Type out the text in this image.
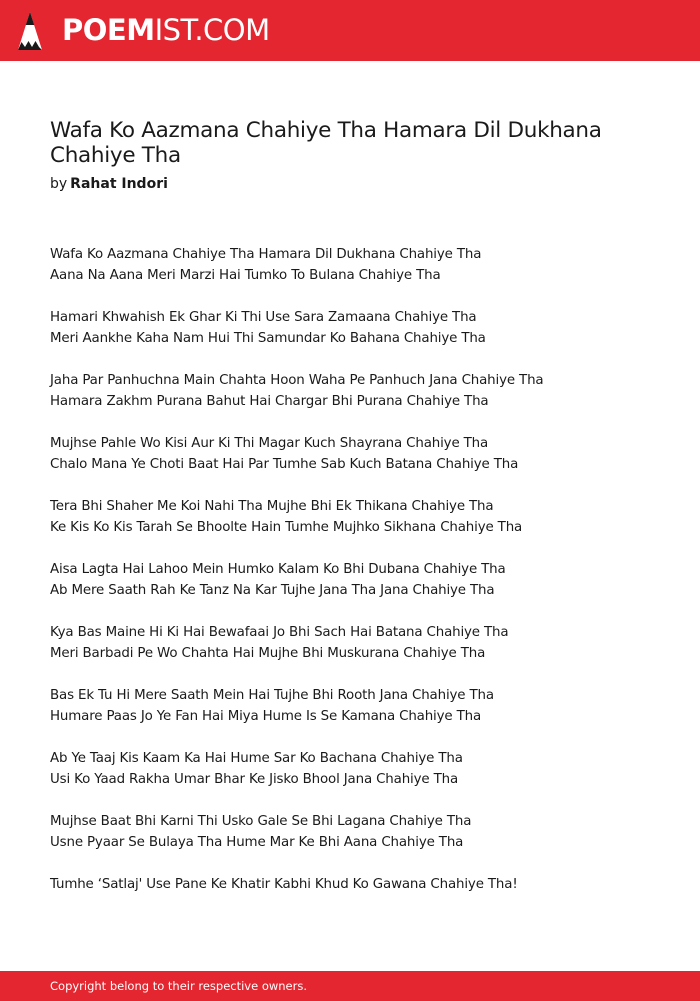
POEMIST.COM
Wafa Ko Aazmana Chahiye Tha Hamara Dil Dukhana Chahiye Tha
by Rahat Indori
Wafa Ko Aazmana Chahiye Tha Hamara Dil Dukhana Chahiye Tha
Aana Na Aana Meri Marzi Hai Tumko To Bulana Chahiye Tha
Hamari Khwahish Ek Ghar Ki Thi Use Sara Zamaana Chahiye Tha
Meri Aankhe Kaha Nam Hui Thi Samundar Ko Bahana Chahiye Tha
Jaha Par Panhuchna Main Chahta Hoon Waha Pe Panhuch Jana Chahiye Tha
Hamara Zakhm Purana Bahut Hai Chargar Bhi Purana Chahiye Tha
Mujhse Pahle Wo Kisi Aur Ki Thi Magar Kuch Shayrana Chahiye Tha
Chalo Mana Ye Choti Baat Hai Par Tumhe Sab Kuch Batana Chahiye Tha
Tera Bhi Shaher Me Koi Nahi Tha Mujhe Bhi Ek Thikana Chahiye Tha
Ke Kis Ko Kis Tarah Se Bhoolte Hain Tumhe Mujhko Sikhana Chahiye Tha
Aisa Lagta Hai Lahoo Mein Humko Kalam Ko Bhi Dubana Chahiye Tha
Ab Mere Saath Rah Ke Tanz Na Kar Tujhe Jana Tha Jana Chahiye Tha
Kya Bas Maine Hi Ki Hai Bewafaai Jo Bhi Sach Hai Batana Chahiye Tha
Meri Barbadi Pe Wo Chahta Hai Mujhe Bhi Muskurana Chahiye Tha
Bas Ek Tu Hi Mere Saath Mein Hai Tujhe Bhi Rooth Jana Chahiye Tha
Humare Paas Jo Ye Fan Hai Miya Hume Is Se Kamana Chahiye Tha
Ab Ye Taaj Kis Kaam Ka Hai Hume Sar Ko Bachana Chahiye Tha
Usi Ko Yaad Rakha Umar Bhar Ke Jisko Bhool Jana Chahiye Tha
Mujhse Baat Bhi Karni Thi Usko Gale Se Bhi Lagana Chahiye Tha
Usne Pyaar Se Bulaya Tha Hume Mar Ke Bhi Aana Chahiye Tha
Tumhe ‘Satlaj' Use Pane Ke Khatir Kabhi Khud Ko Gawana Chahiye Tha!
Copyright belong to their respective owners.
